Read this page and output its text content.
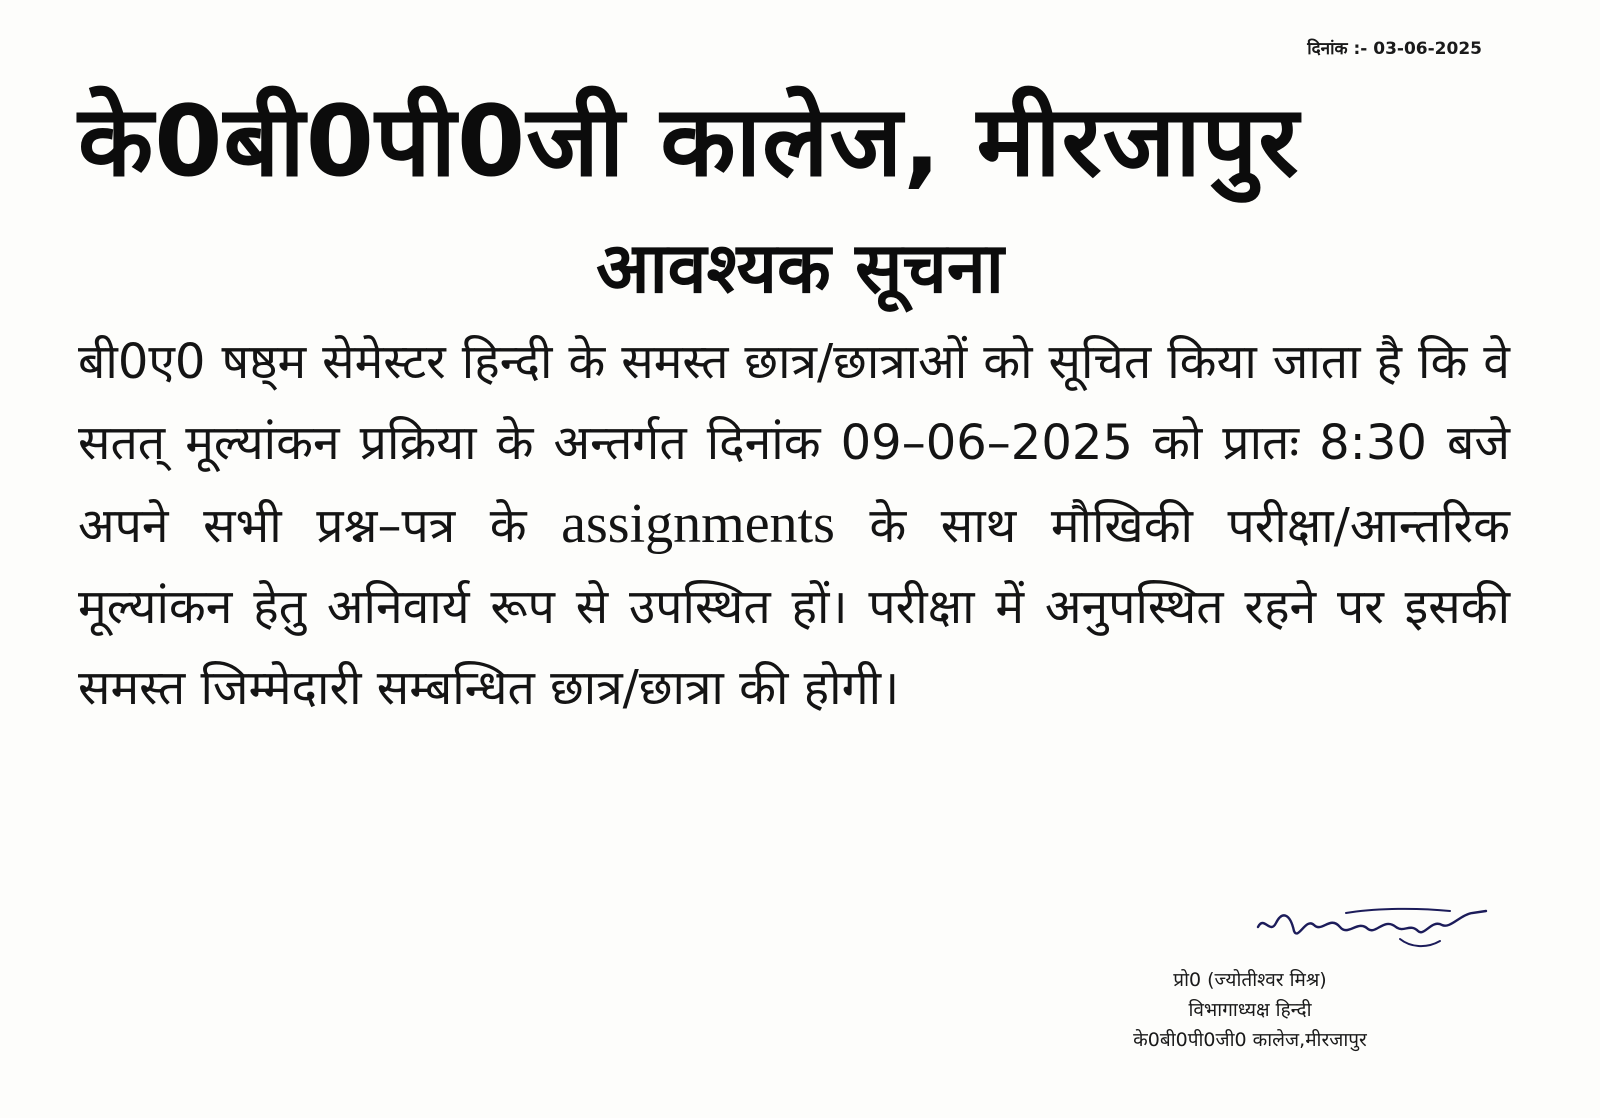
दिनांक :- 03-06-2025
के0बी0पी0जी कालेज, मीरजापुर
आवश्यक सूचना
बी0ए0 षष्ठ्म सेमेस्टर हिन्दी के समस्त छात्र/छात्राओं को सूचित किया जाता है कि वे सतत् मूल्यांकन प्रक्रिया के अन्तर्गत दिनांक 09–06–2025 को प्रातः 8:30 बजे अपने सभी प्रश्न–पत्र के assignments के साथ मौखिकी परीक्षा/आन्तरिक मूल्यांकन हेतु अनिवार्य रूप से उपस्थित हों। परीक्षा में अनुपस्थित रहने पर इसकी समस्त जिम्मेदारी सम्बन्धित छात्र/छात्रा की होगी।
प्रो0 (ज्योतीश्वर मिश्र)
विभागाध्यक्ष हिन्दी
के0बी0पी0जी0 कालेज,मीरजापुर
